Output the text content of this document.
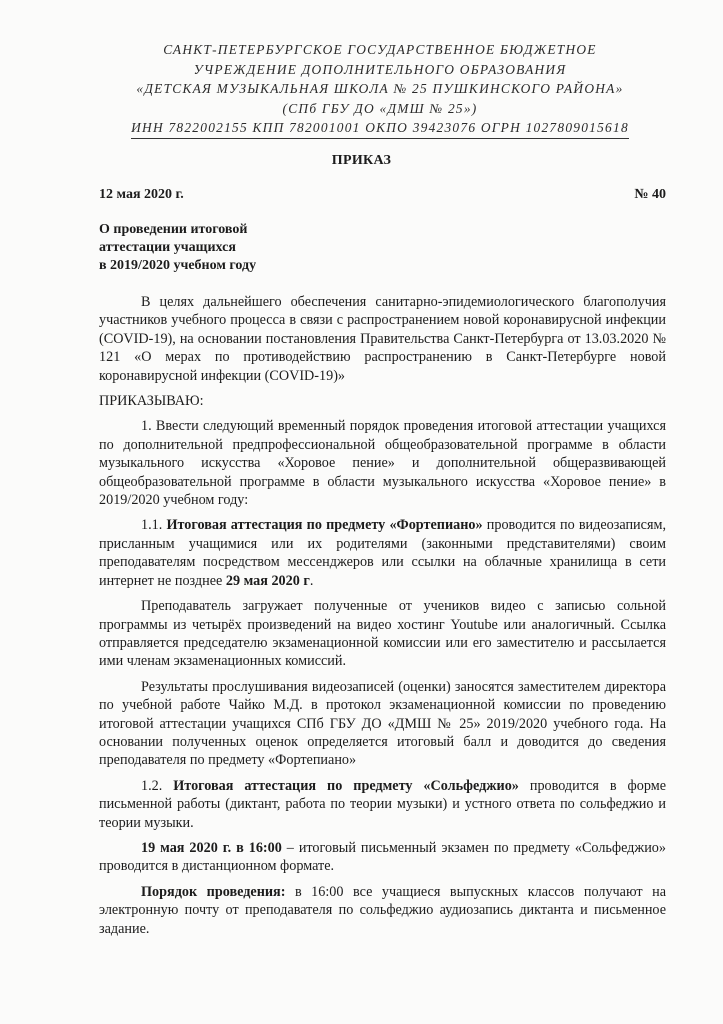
САНКТ-ПЕТЕРБУРГСКОЕ ГОСУДАРСТВЕННОЕ БЮДЖЕТНОЕ
УЧРЕЖДЕНИЕ ДОПОЛНИТЕЛЬНОГО ОБРАЗОВАНИЯ
«ДЕТСКАЯ МУЗЫКАЛЬНАЯ ШКОЛА № 25 ПУШКИНСКОГО РАЙОНА»
(СПб ГБУ ДО «ДМШ № 25»)
ИНН 7822002155 КПП 782001001 ОКПО 39423076 ОГРН 1027809015618
ПРИКАЗ
12 мая 2020 г.	№ 40
О проведении итоговой
аттестации учащихся
в 2019/2020 учебном году

В целях дальнейшего обеспечения санитарно-эпидемиологического благополучия участников учебного процесса в связи с распространением новой коронавирусной инфекции (COVID-19), на основании постановления Правительства Санкт-Петербурга от 13.03.2020 № 121 «О мерах по противодействию распространению в Санкт-Петербурге новой коронавирусной инфекции (COVID-19)»

ПРИКАЗЫВАЮ:

1. Ввести следующий временный порядок проведения итоговой аттестации учащихся по дополнительной предпрофессиональной общеобразовательной программе в области музыкального искусства «Хоровое пение» и дополнительной общеразвивающей общеобразовательной программе в области музыкального искусства «Хоровое пение» в 2019/2020 учебном году:

1.1. Итоговая аттестация по предмету «Фортепиано» проводится по видеозаписям, присланным учащимися или их родителями (законными представителями) своим преподавателям посредством мессенджеров или ссылки на облачные хранилища в сети интернет не позднее 29 мая 2020 г.

Преподаватель загружает полученные от учеников видео с записью сольной программы из четырёх произведений на видео хостинг Youtube или аналогичный. Ссылка отправляется председателю экзаменационной комиссии или его заместителю и рассылается ими членам экзаменационных комиссий.

Результаты прослушивания видеозаписей (оценки) заносятся заместителем директора по учебной работе Чайко М.Д. в протокол экзаменационной комиссии по проведению итоговой аттестации учащихся СПб ГБУ ДО «ДМШ № 25» 2019/2020 учебного года. На основании полученных оценок определяется итоговый балл и доводится до сведения преподавателя по предмету «Фортепиано»

1.2. Итоговая аттестация по предмету «Сольфеджио» проводится в форме письменной работы (диктант, работа по теории музыки) и устного ответа по сольфеджио и теории музыки.

19 мая 2020 г. в 16:00 – итоговый письменный экзамен по предмету «Сольфеджио» проводится в дистанционном формате.

Порядок проведения: в 16:00 все учащиеся выпускных классов получают на электронную почту от преподавателя по сольфеджио аудиозапись диктанта и письменное задание.
